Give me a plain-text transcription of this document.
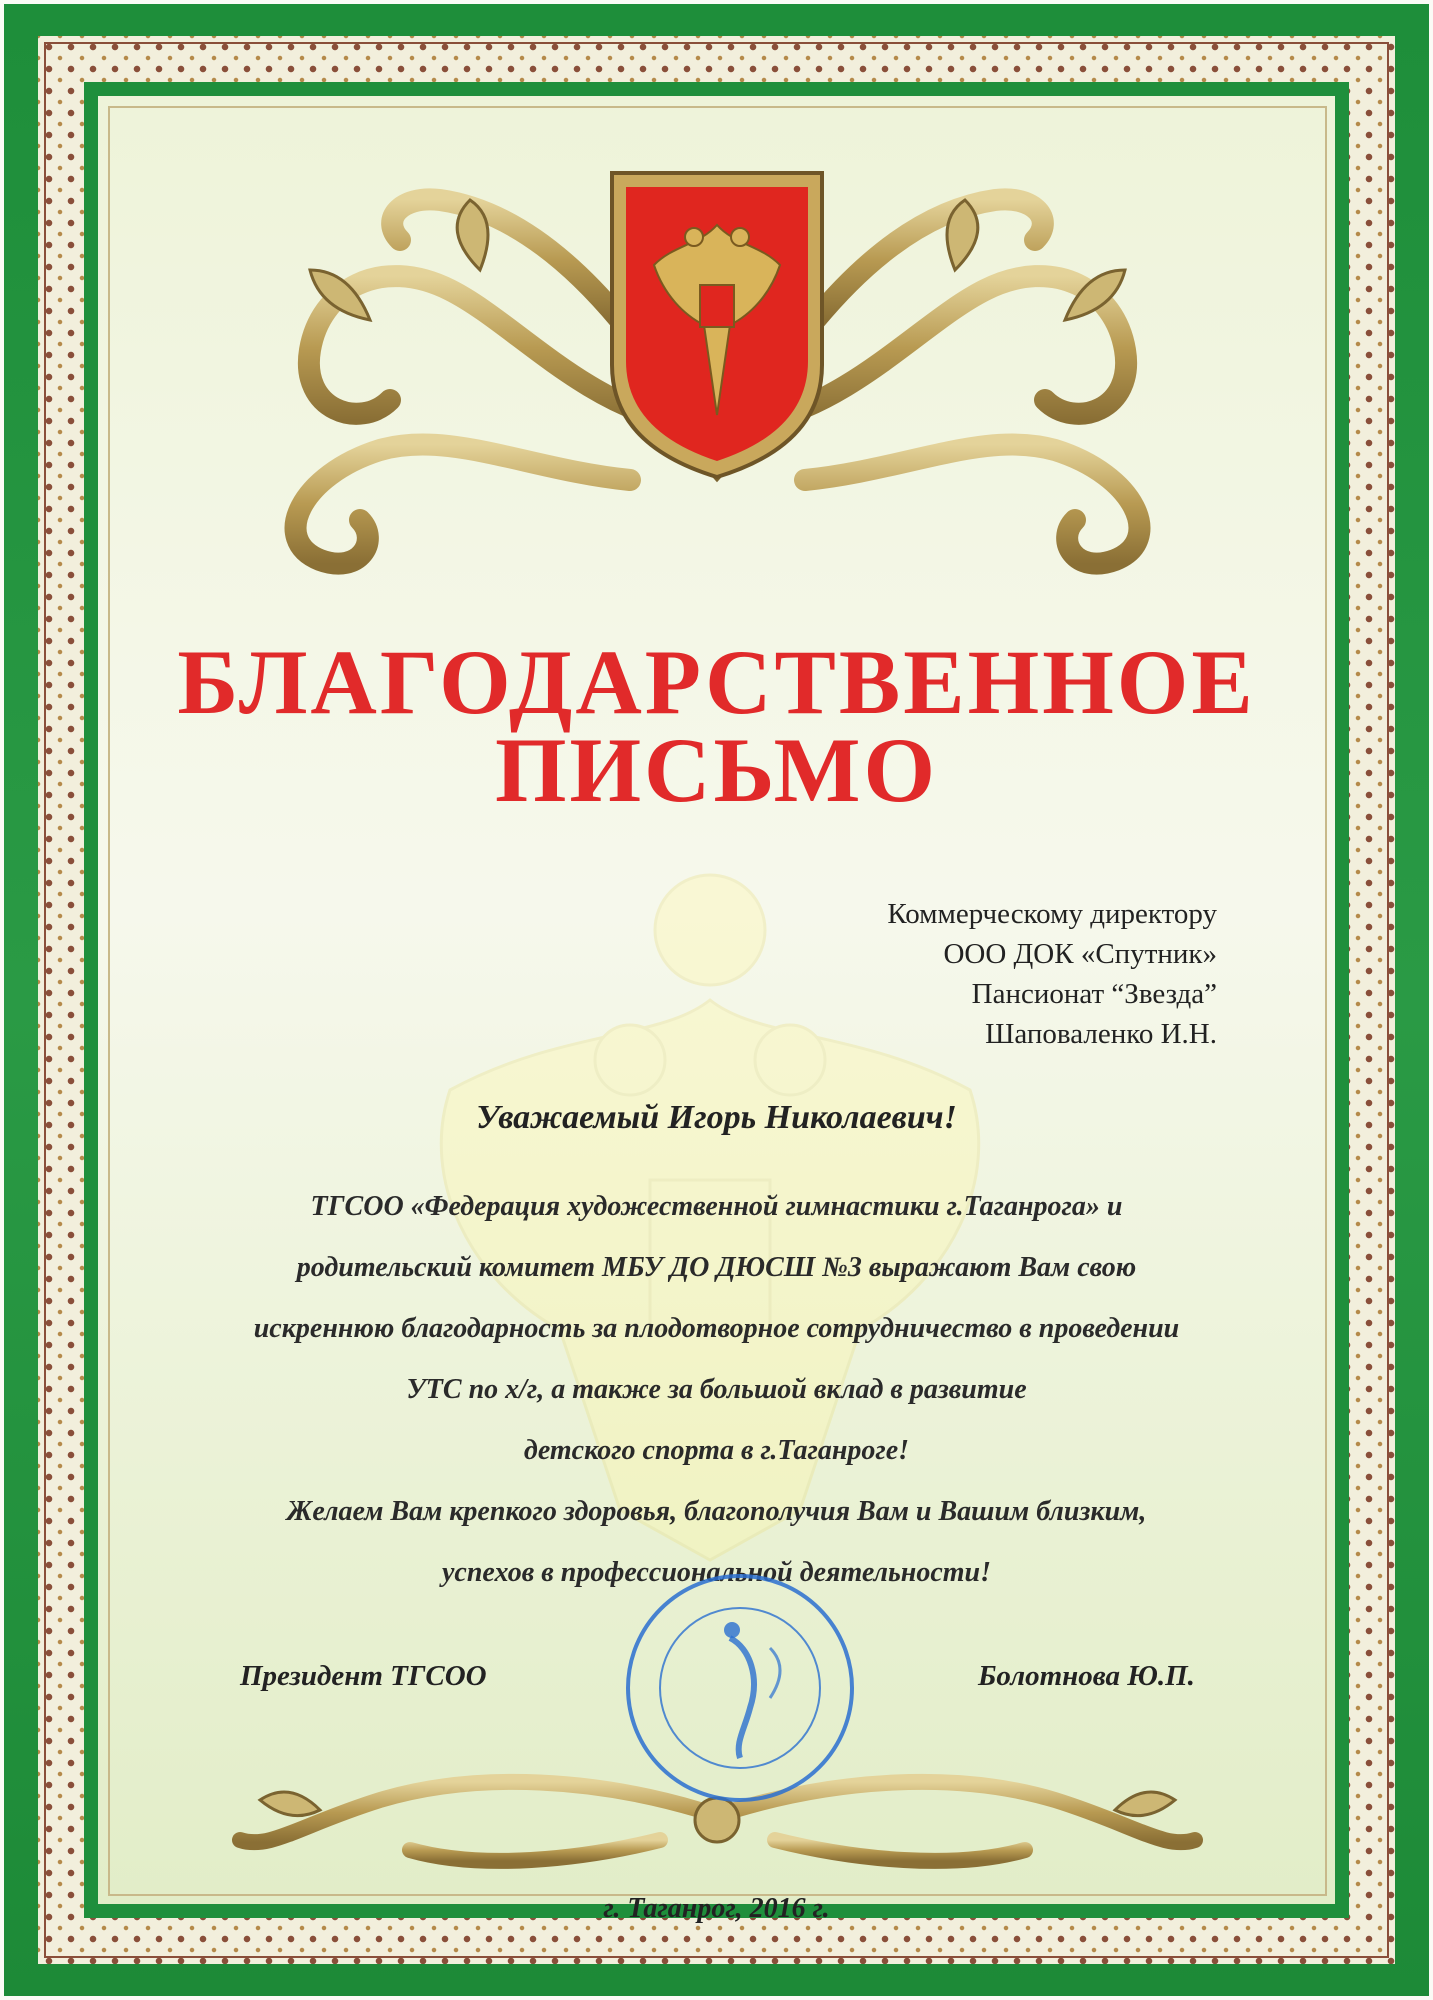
БЛАГОДАРСТВЕННОЕ
ПИСЬМО
Коммерческому директору
ООО ДОК «Спутник»
Пансионат “Звезда”
Шаповаленко И.Н.
Уважаемый Игорь Николаевич!
ТГСОО «Федерация художественной гимнастики г.Таганрога» и
родительский комитет МБУ ДО ДЮСШ №3 выражают Вам свою
искреннюю благодарность за плодотворное сотрудничество в проведении
УТС по х/г, а также за большой вклад в развитие
детского спорта в г.Таганроге!
Желаем Вам крепкого здоровья, благополучия Вам и Вашим близким,
успехов в профессиональной деятельности!
Президент ТГСОО	Болотнова Ю.П.
г. Таганрог, 2016 г.
